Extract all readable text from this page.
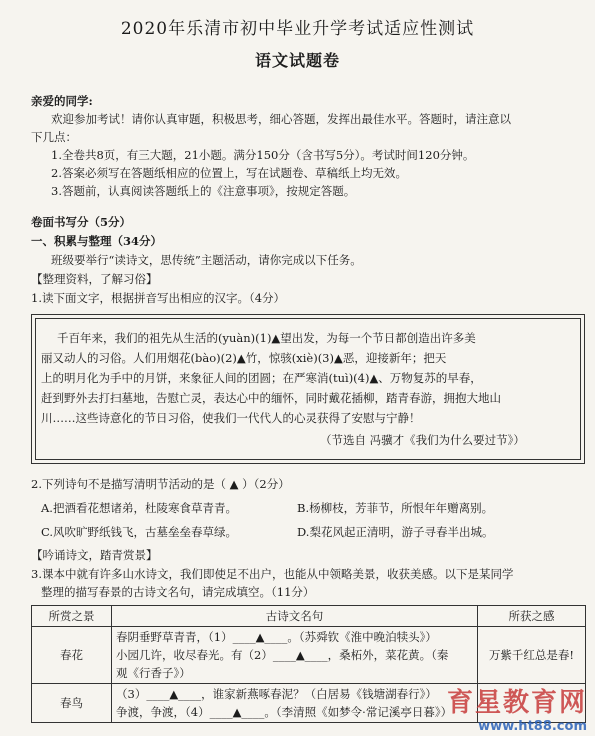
2020年乐清市初中毕业升学考试适应性测试
语文试题卷
亲爱的同学:
欢迎参加考试！请你认真审题，积极思考，细心答题，发挥出最佳水平。答题时，请注意以
下几点：
1.全卷共8页，有三大题，21小题。满分150分（含书写5分）。考试时间120分钟。
2.答案必须写在答题纸相应的位置上，写在试题卷、草稿纸上均无效。
3.答题前，认真阅读答题纸上的《注意事项》，按规定答题。
卷面书写分（5分）
一、积累与整理（34分）
班级要举行“读诗文，思传统”主题活动，请你完成以下任务。
【整理资料，了解习俗】
1.读下面文字，根据拼音写出相应的汉字。（4分）
千百年来，我们的祖先从生活的(yuàn)(1)▲望出发，为每一个节日都创造出许多美
丽又动人的习俗。人们用烟花(bào)(2)▲竹，惊骇(xiè)(3)▲恶，迎接新年；把天
上的明月化为手中的月饼，来象征人间的团圆；在严寒消(tuì)(4)▲、万物复苏的早春，
赶到野外去打扫墓地，告慰亡灵，表达心中的缅怀，同时戴花插柳，踏青春游，拥抱大地山
川……这些诗意化的节日习俗，使我们一代代人的心灵获得了安慰与宁静！
（节选自 冯骥才《我们为什么要过节》）
2.下列诗句不是描写清明节活动的是（ ▲ ）（2分）
A.把酒看花想诸弟，杜陵寒食草青青。	B.杨柳枝，芳菲节，所恨年年赠离别。
C.风吹旷野纸钱飞，古墓垒垒春草绿。	D.梨花风起正清明，游子寻春半出城。
【吟诵诗文，踏青赏景】
3.课本中就有许多山水诗文，我们即使足不出户，也能从中领略美景，收获美感。以下是某同学
整理的描写春景的古诗文名句，请完成填空。（11分）
所赏之景	古诗文名句	所获之感
春花	春阴垂野草青青，（1）____▲____。（苏舜钦《淮中晚泊犊头》）
小园几许，收尽春光。有（2）____▲____，桑柘外，菜花黄。（秦
观《行香子》）	万紫千红总是春!
春鸟	（3）____▲____，谁家新燕啄春泥？（白居易《钱塘湖春行》）
争渡，争渡，（4）____▲____。（李清照《如梦令·常记溪亭日暮》）	

育星教育网
www.ht88.com
